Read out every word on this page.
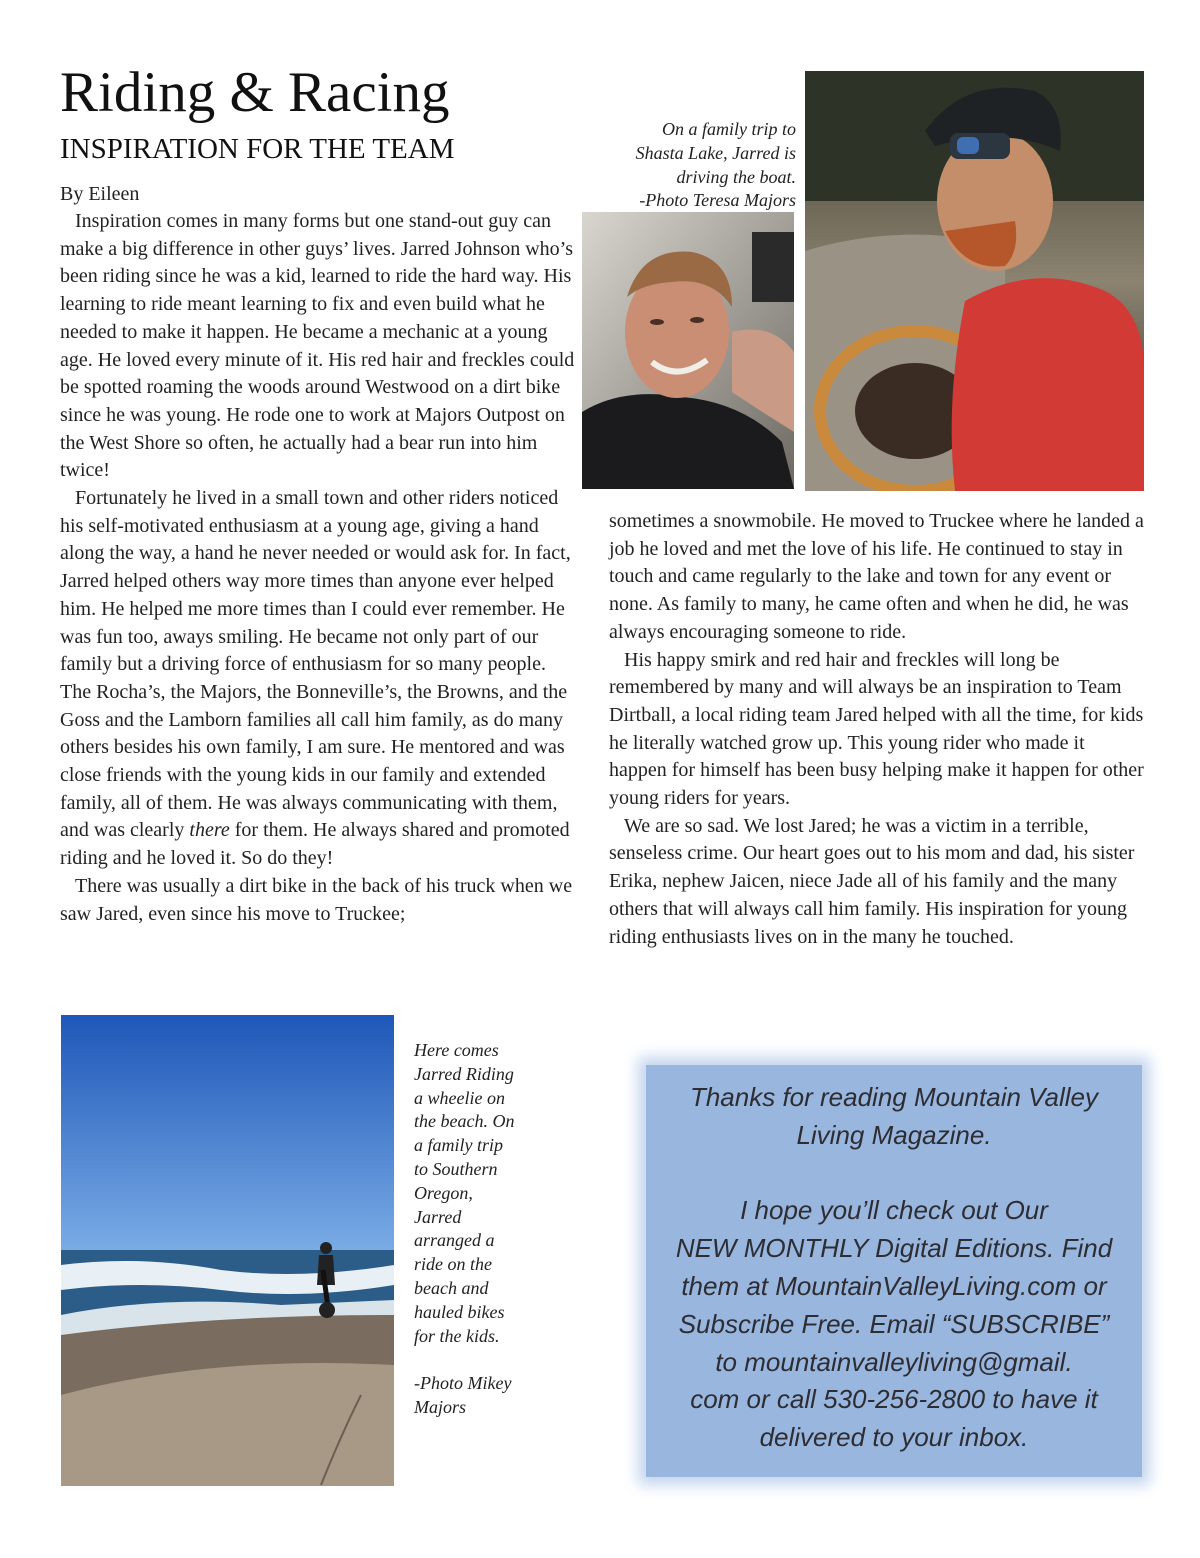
Riding & Racing
INSPIRATION FOR THE TEAM
By Eileen

Inspiration comes in many forms but one stand-out guy can make a big difference in other guys’ lives. Jarred Johnson who’s been riding since he was a kid, learned to ride the hard way. His learning to ride meant learning to fix and even build what he needed to make it happen. He became a mechanic at a young age. He loved every minute of it. His red hair and freckles could be spotted roaming the woods around Westwood on a dirt bike since he was young. He rode one to work at Majors Outpost on the West Shore so often, he actually had a bear run into him twice!

Fortunately he lived in a small town and other riders noticed his self-motivated enthusiasm at a young age, giving a hand along the way, a hand he never needed or would ask for. In fact, Jarred helped others way more times than anyone ever helped him. He helped me more times than I could ever remember. He was fun too, aways smiling. He became not only part of our family but a driving force of enthusiasm for so many people. The Rocha’s, the Majors, the Bonneville’s, the Browns, and the Goss and the Lamborn families all call him family, as do many others besides his own family, I am sure. He mentored and was close friends with the young kids in our family and extended family, all of them. He was always communicating with them, and was clearly there for them. He always shared and promoted riding and he loved it. So do they!

There was usually a dirt bike in the back of his truck when we saw Jared, even since his move to Truckee;

sometimes a snowmobile. He moved to Truckee where he landed a job he loved and met the love of his life. He continued to stay in touch and came regularly to the lake and town for any event or none. As family to many, he came often and when he did, he was always encouraging someone to ride.

His happy smirk and red hair and freckles will long be remembered by many and will always be an inspiration to Team Dirtball, a local riding team Jared helped with all the time, for kids he literally watched grow up. This young rider who made it happen for himself has been busy helping make it happen for other young riders for years.

We are so sad. We lost Jared; he was a victim in a terrible, senseless crime. Our heart goes out to his mom and dad, his sister Erika, nephew Jaicen, niece Jade all of his family and the many others that will always call him family. His inspiration for young riding enthusiasts lives on in the many he touched.

On a family trip to
Shasta Lake, Jarred is
driving the boat.
-Photo Teresa Majors
Here comes
Jarred Riding
a wheelie on
the beach. On
a family trip
to Southern
Oregon,
Jarred
arranged a
ride on the
beach and
hauled bikes
for the kids.
-Photo Mikey
Majors
Thanks for reading Mountain Valley
Living Magazine.
I hope you’ll check out Our
NEW MONTHLY Digital Editions. Find
them at MountainValleyLiving.com or
Subscribe Free. Email “SUBSCRIBE”
to mountainvalleyliving@gmail.
com or call 530-256-2800 to have it
delivered to your inbox.
